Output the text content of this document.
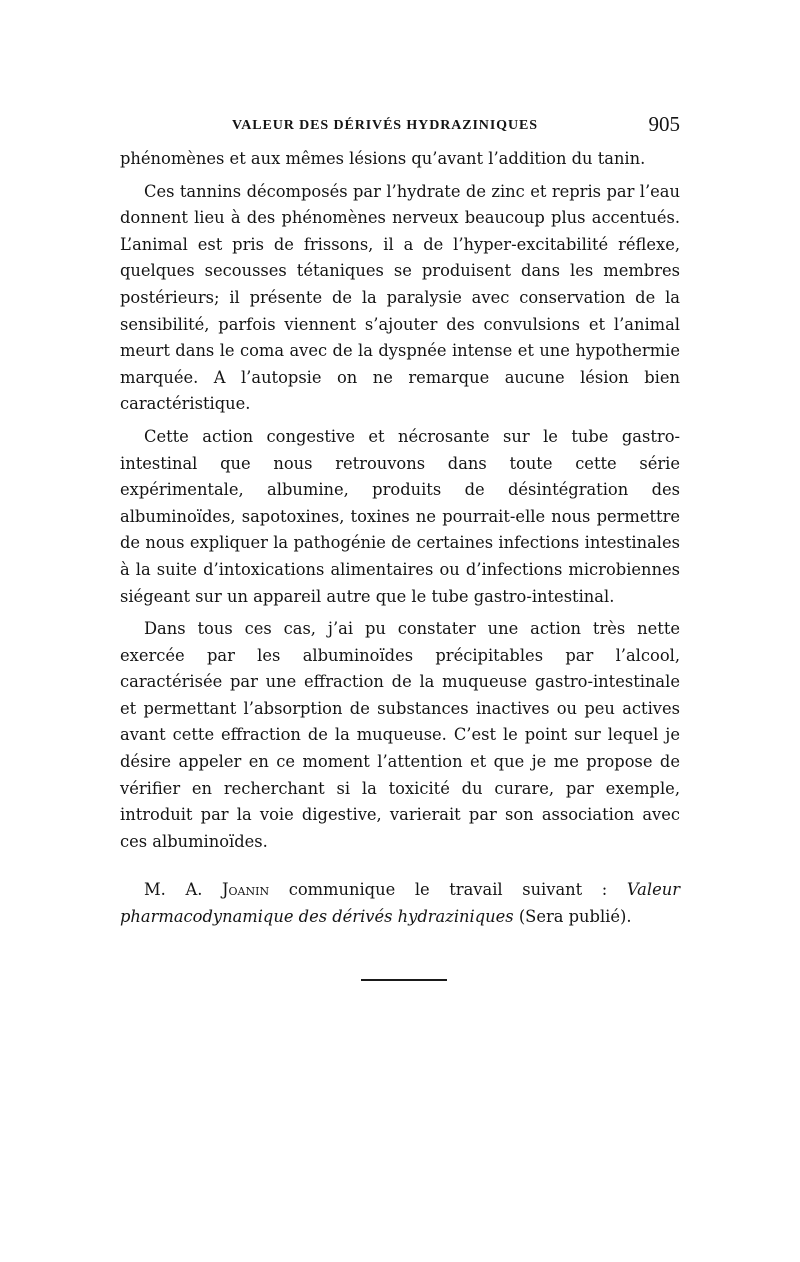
VALEUR DES DÉRIVÉS HYDRAZINIQUES	905

phénomènes et aux mêmes lésions qu’avant l’addition du tanin.

Ces tannins décomposés par l’hydrate de zinc et repris par l’eau donnent lieu à des phénomènes nerveux beaucoup plus accentués. L’animal est pris de frissons, il a de l’hyper-excitabilité réflexe, quelques secousses tétaniques se produisent dans les membres postérieurs; il présente de la paralysie avec conservation de la sensibilité, parfois viennent s’ajouter des convulsions et l’animal meurt dans le coma avec de la dyspnée intense et une hypothermie marquée. A l’autopsie on ne remarque aucune lésion bien caractéristique.

Cette action congestive et nécrosante sur le tube gastro-intestinal que nous retrouvons dans toute cette série expérimentale, albumine, produits de désintégration des albuminoïdes, sapotoxines, toxines ne pourrait-elle nous permettre de nous expliquer la pathogénie de certaines infections intestinales à la suite d’intoxications alimentaires ou d’infections microbiennes siégeant sur un appareil autre que le tube gastro-intestinal.

Dans tous ces cas, j’ai pu constater une action très nette exercée par les albuminoïdes précipitables par l’alcool, caractérisée par une effraction de la muqueuse gastro-intestinale et permettant l’absorption de substances inactives ou peu actives avant cette effraction de la muqueuse. C’est le point sur lequel je désire appeler en ce moment l’attention et que je me propose de vérifier en recherchant si la toxicité du curare, par exemple, introduit par la voie digestive, varierait par son association avec ces albuminoïdes.

M. A. Joanin communique le travail suivant : Valeur pharmacodynamique des dérivés hydraziniques (Sera publié).
